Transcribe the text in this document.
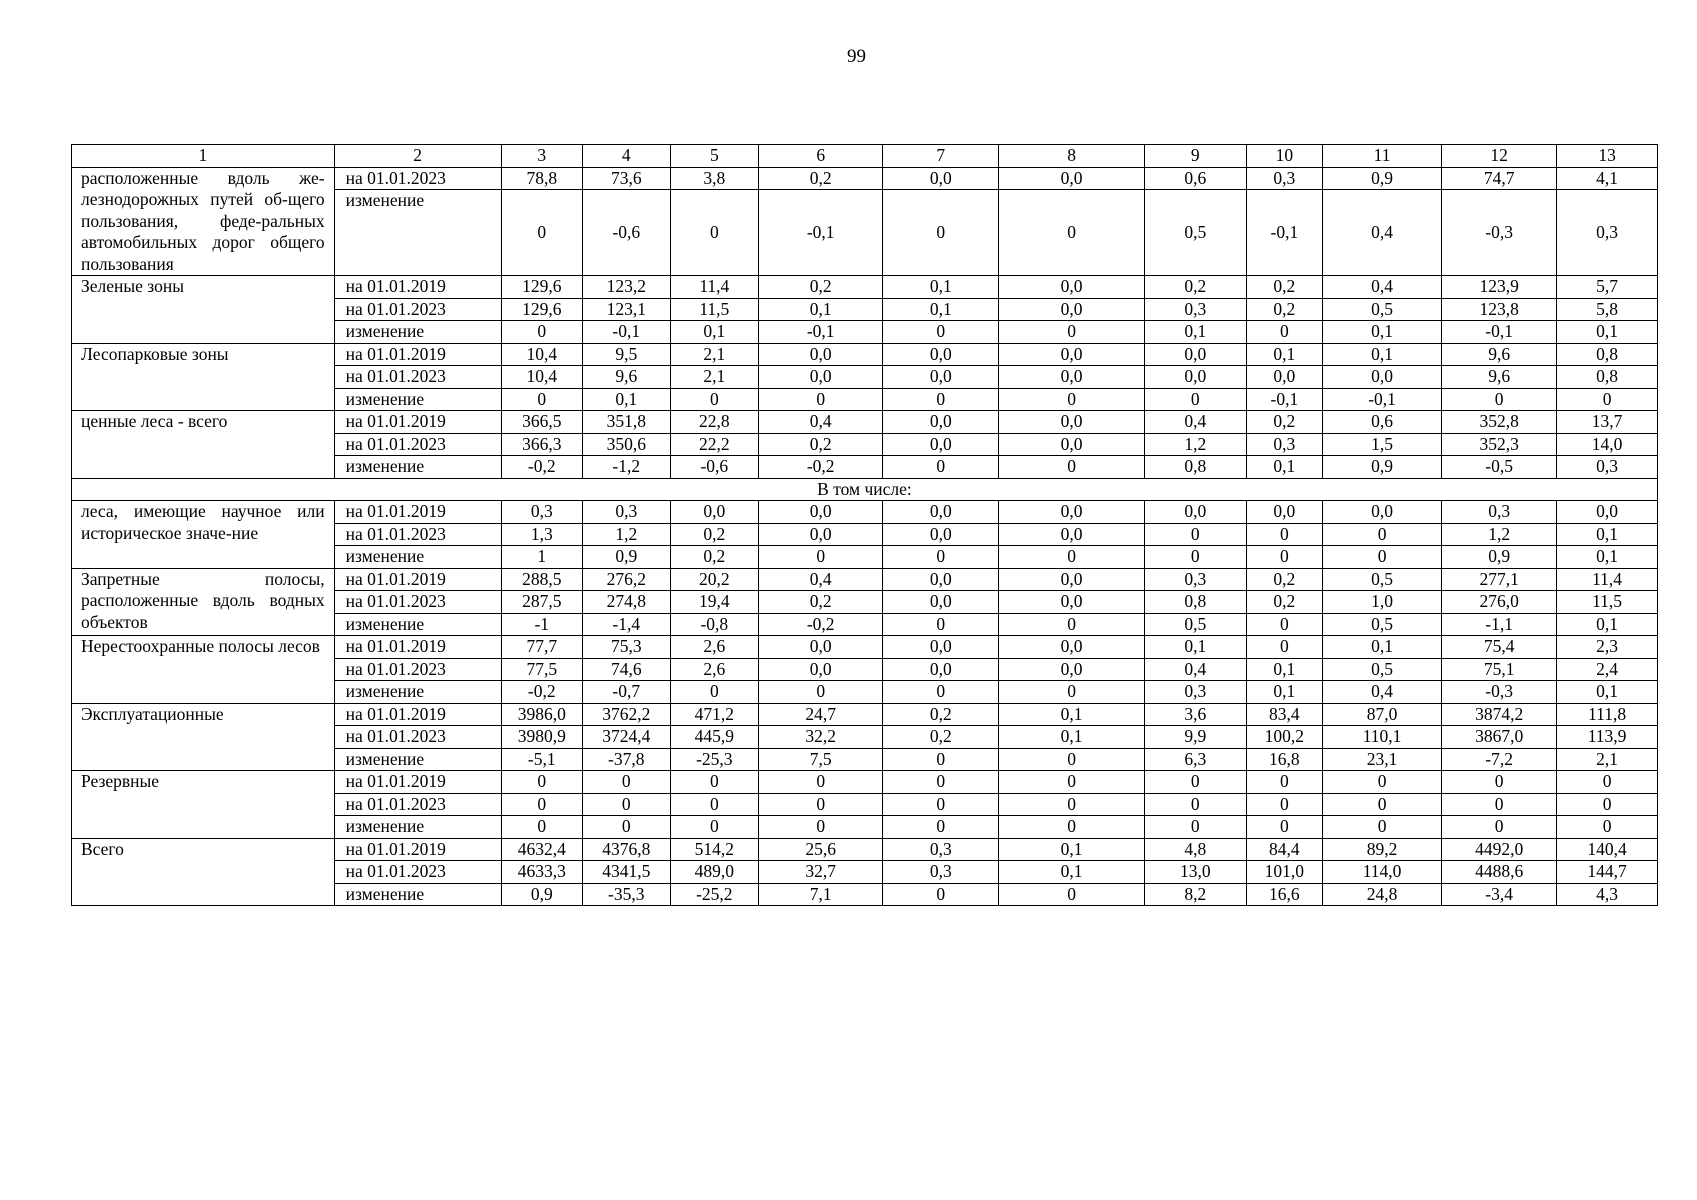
99
1	2	3	4	5	6	7	8	9	10	11	12	13
расположенные вдоль же-лезнодорожных путей об-щего пользования, феде-ральных автомобильных дорог общего пользования	на 01.01.2023	78,8	73,6	3,8	0,2	0,0	0,0	0,6	0,3	0,9	74,7	4,1
	изменение	0	-0,6	0	-0,1	0	0	0,5	-0,1	0,4	-0,3	0,3
Зеленые зоны	на 01.01.2019	129,6	123,2	11,4	0,2	0,1	0,0	0,2	0,2	0,4	123,9	5,7
	на 01.01.2023	129,6	123,1	11,5	0,1	0,1	0,0	0,3	0,2	0,5	123,8	5,8
	изменение	0	-0,1	0,1	-0,1	0	0	0,1	0	0,1	-0,1	0,1
Лесопарковые зоны	на 01.01.2019	10,4	9,5	2,1	0,0	0,0	0,0	0,0	0,1	0,1	9,6	0,8
	на 01.01.2023	10,4	9,6	2,1	0,0	0,0	0,0	0,0	0,0	0,0	9,6	0,8
	изменение	0	0,1	0	0	0	0	0	-0,1	-0,1	0	0
ценные леса - всего	на 01.01.2019	366,5	351,8	22,8	0,4	0,0	0,0	0,4	0,2	0,6	352,8	13,7
	на 01.01.2023	366,3	350,6	22,2	0,2	0,0	0,0	1,2	0,3	1,5	352,3	14,0
	изменение	-0,2	-1,2	-0,6	-0,2	0	0	0,8	0,1	0,9	-0,5	0,3
В том числе:												
леса, имеющие научное или историческое значе-ние	на 01.01.2019	0,3	0,3	0,0	0,0	0,0	0,0	0,0	0,0	0,0	0,3	0,0
	на 01.01.2023	1,3	1,2	0,2	0,0	0,0	0,0	0	0	0	1,2	0,1
	изменение	1	0,9	0,2	0	0	0	0	0	0	0,9	0,1
Запретные полосы, расположенные вдоль водных объектов	на 01.01.2019	288,5	276,2	20,2	0,4	0,0	0,0	0,3	0,2	0,5	277,1	11,4
	на 01.01.2023	287,5	274,8	19,4	0,2	0,0	0,0	0,8	0,2	1,0	276,0	11,5
	изменение	-1	-1,4	-0,8	-0,2	0	0	0,5	0	0,5	-1,1	0,1
Нерестоохранные полосы лесов	на 01.01.2019	77,7	75,3	2,6	0,0	0,0	0,0	0,1	0	0,1	75,4	2,3
	на 01.01.2023	77,5	74,6	2,6	0,0	0,0	0,0	0,4	0,1	0,5	75,1	2,4
	изменение	-0,2	-0,7	0	0	0	0	0,3	0,1	0,4	-0,3	0,1
Эксплуатационные	на 01.01.2019	3986,0	3762,2	471,2	24,7	0,2	0,1	3,6	83,4	87,0	3874,2	111,8
	на 01.01.2023	3980,9	3724,4	445,9	32,2	0,2	0,1	9,9	100,2	110,1	3867,0	113,9
	изменение	-5,1	-37,8	-25,3	7,5	0	0	6,3	16,8	23,1	-7,2	2,1
Резервные	на 01.01.2019	0	0	0	0	0	0	0	0	0	0	0
	на 01.01.2023	0	0	0	0	0	0	0	0	0	0	0
	изменение	0	0	0	0	0	0	0	0	0	0	0
Всего	на 01.01.2019	4632,4	4376,8	514,2	25,6	0,3	0,1	4,8	84,4	89,2	4492,0	140,4
	на 01.01.2023	4633,3	4341,5	489,0	32,7	0,3	0,1	13,0	101,0	114,0	4488,6	144,7
	изменение	0,9	-35,3	-25,2	7,1	0	0	8,2	16,6	24,8	-3,4	4,3
